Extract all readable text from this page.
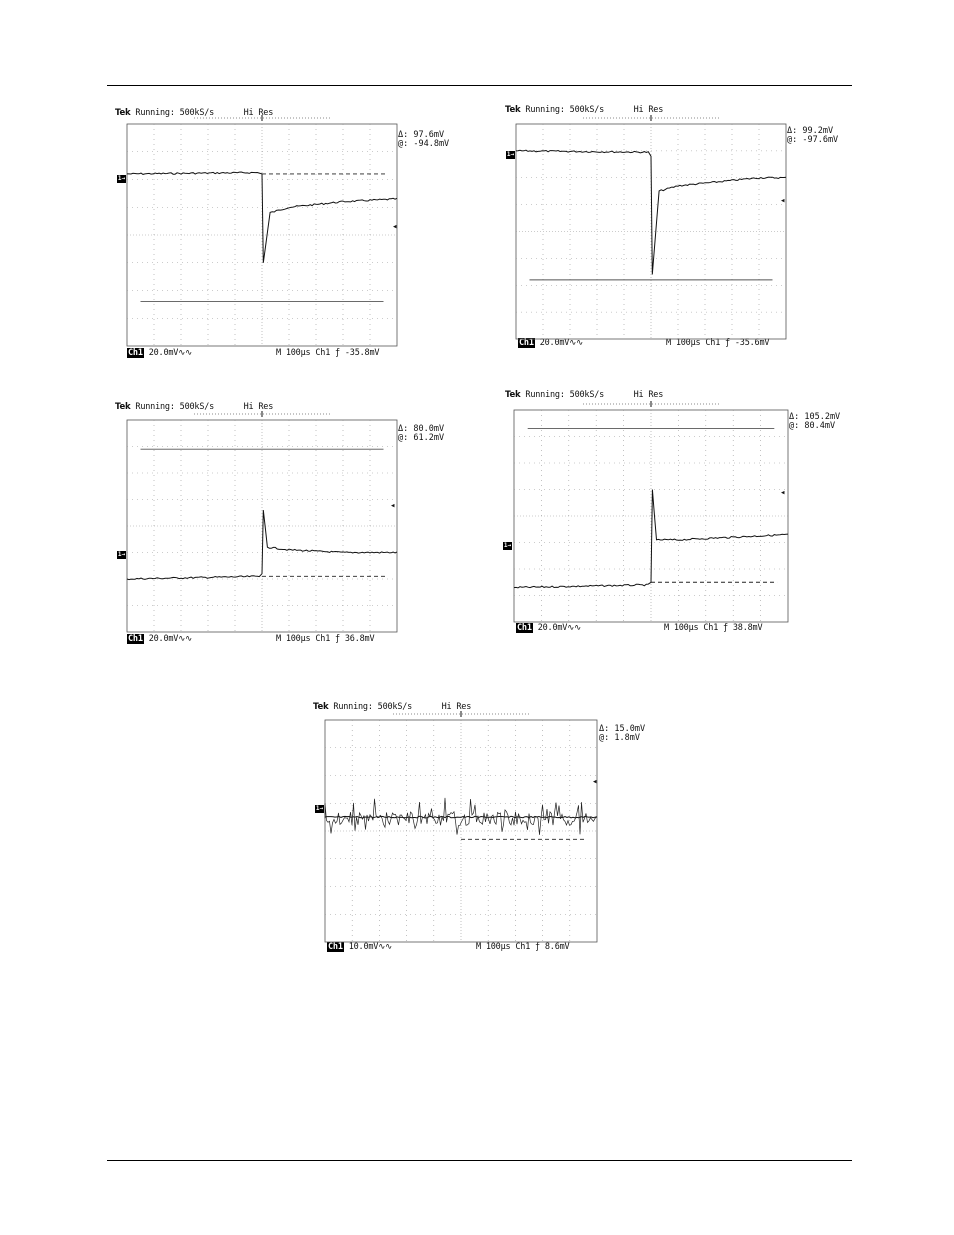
Tek Running: 500kS/s	Hi Res
Δ: 97.6mV
@: -94.8mV
1→
◂
Ch1 20.0mV∿∿	M 100µs Ch1 ƒ -35.8mV
Tek Running: 500kS/s	Hi Res
Δ: 99.2mV
@: -97.6mV
1→
◂
Ch1 20.0mV∿∿	M 100µs Ch1 ƒ -35.6mV
Tek Running: 500kS/s	Hi Res
Δ: 80.0mV
@: 61.2mV
1→
◂
Ch1 20.0mV∿∿	M 100µs Ch1 ƒ 36.8mV
Tek Running: 500kS/s	Hi Res
Δ: 105.2mV
@: 80.4mV
1→
◂
Ch1 20.0mV∿∿	M 100µs Ch1 ƒ 38.8mV
Tek Running: 500kS/s	Hi Res
Δ: 15.0mV
@: 1.8mV
1→
◂
Ch1 10.0mV∿∿	M 100µs Ch1 ƒ 8.6mV
